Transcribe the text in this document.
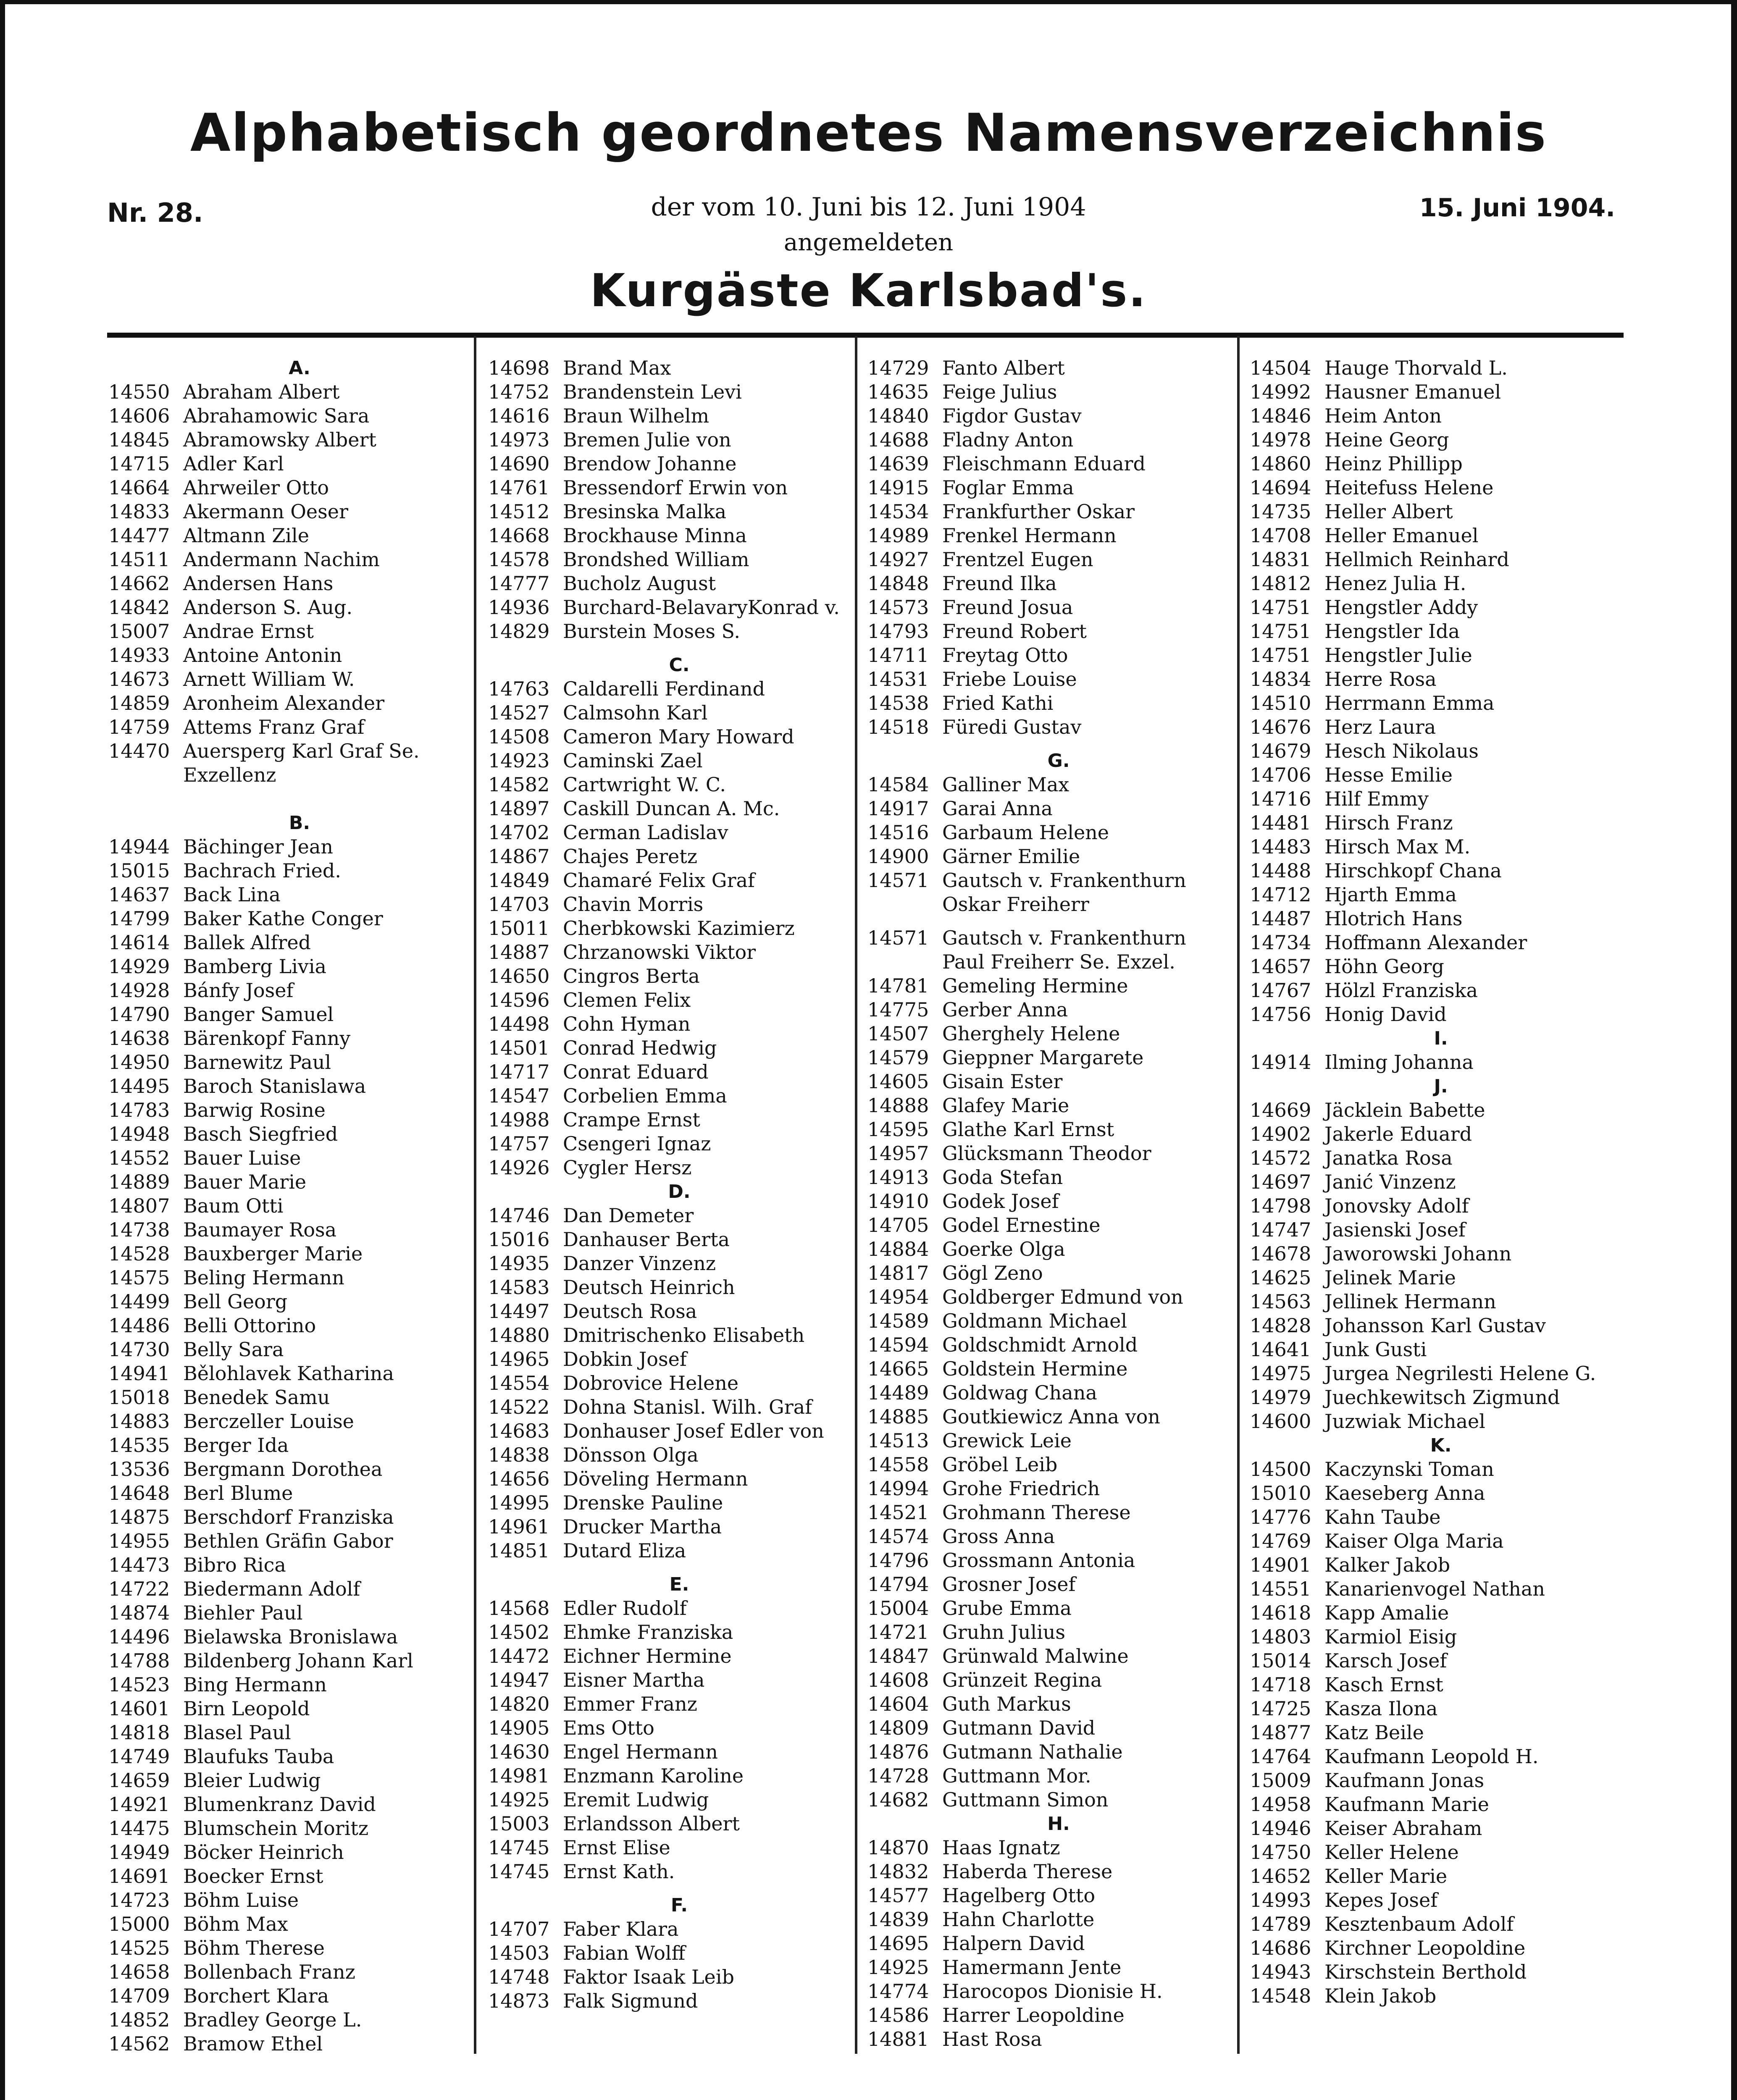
Alphabetisch geordnetes Namensverzeichnis
Nr. 28.	15. Juni 1904.
der vom 10. Juni bis 12. Juni 1904
angemeldeten
Kurgäste Karlsbad's.
A.
14550 Abraham Albert
14606 Abrahamowic Sara
14845 Abramowsky Albert
14715 Adler Karl
14664 Ahrweiler Otto
14833 Akermann Oeser
14477 Altmann Zile
14511 Andermann Nachim
14662 Andersen Hans
14842 Anderson S. Aug.
15007 Andrae Ernst
14933 Antoine Antonin
14673 Arnett William W.
14859 Aronheim Alexander
14759 Attems Franz Graf
14470 Auersperg Karl Graf Se.
Exzellenz
B.
14944 Bächinger Jean
15015 Bachrach Fried.
14637 Back Lina
14799 Baker Kathe Conger
14614 Ballek Alfred
14929 Bamberg Livia
14928 Bánfy Josef
14790 Banger Samuel
14638 Bärenkopf Fanny
14950 Barnewitz Paul
14495 Baroch Stanislawa
14783 Barwig Rosine
14948 Basch Siegfried
14552 Bauer Luise
14889 Bauer Marie
14807 Baum Otti
14738 Baumayer Rosa
14528 Bauxberger Marie
14575 Beling Hermann
14499 Bell Georg
14486 Belli Ottorino
14730 Belly Sara
14941 Bělohlavek Katharina
15018 Benedek Samu
14883 Berczeller Louise
14535 Berger Ida
13536 Bergmann Dorothea
14648 Berl Blume
14875 Berschdorf Franziska
14955 Bethlen Gräfin Gabor
14473 Bibro Rica
14722 Biedermann Adolf
14874 Biehler Paul
14496 Bielawska Bronislawa
14788 Bildenberg Johann Karl
14523 Bing Hermann
14601 Birn Leopold
14818 Blasel Paul
14749 Blaufuks Tauba
14659 Bleier Ludwig
14921 Blumenkranz David
14475 Blumschein Moritz
14949 Böcker Heinrich
14691 Boecker Ernst
14723 Böhm Luise
15000 Böhm Max
14525 Böhm Therese
14658 Bollenbach Franz
14709 Borchert Klara
14852 Bradley George L.
14562 Bramow Ethel
14698 Brand Max
14752 Brandenstein Levi
14616 Braun Wilhelm
14973 Bremen Julie von
14690 Brendow Johanne
14761 Bressendorf Erwin von
14512 Bresinska Malka
14668 Brockhause Minna
14578 Brondshed William
14777 Bucholz August
14936 Burchard-BelavaryKonrad v.
14829 Burstein Moses S.
C.
14763 Caldarelli Ferdinand
14527 Calmsohn Karl
14508 Cameron Mary Howard
14923 Caminski Zael
14582 Cartwright W. C.
14897 Caskill Duncan A. Mc.
14702 Cerman Ladislav
14867 Chajes Peretz
14849 Chamaré Felix Graf
14703 Chavin Morris
15011 Cherbkowski Kazimierz
14887 Chrzanowski Viktor
14650 Cingros Berta
14596 Clemen Felix
14498 Cohn Hyman
14501 Conrad Hedwig
14717 Conrat Eduard
14547 Corbelien Emma
14988 Crampe Ernst
14757 Csengeri Ignaz
14926 Cygler Hersz
D.
14746 Dan Demeter
15016 Danhauser Berta
14935 Danzer Vinzenz
14583 Deutsch Heinrich
14497 Deutsch Rosa
14880 Dmitrischenko Elisabeth
14965 Dobkin Josef
14554 Dobrovice Helene
14522 Dohna Stanisl. Wilh. Graf
14683 Donhauser Josef Edler von
14838 Dönsson Olga
14656 Döveling Hermann
14995 Drenske Pauline
14961 Drucker Martha
14851 Dutard Eliza
E.
14568 Edler Rudolf
14502 Ehmke Franziska
14472 Eichner Hermine
14947 Eisner Martha
14820 Emmer Franz
14905 Ems Otto
14630 Engel Hermann
14981 Enzmann Karoline
14925 Eremit Ludwig
15003 Erlandsson Albert
14745 Ernst Elise
14745 Ernst Kath.
F.
14707 Faber Klara
14503 Fabian Wolff
14748 Faktor Isaak Leib
14873 Falk Sigmund
14729 Fanto Albert
14635 Feige Julius
14840 Figdor Gustav
14688 Fladny Anton
14639 Fleischmann Eduard
14915 Foglar Emma
14534 Frankfurther Oskar
14989 Frenkel Hermann
14927 Frentzel Eugen
14848 Freund Ilka
14573 Freund Josua
14793 Freund Robert
14711 Freytag Otto
14531 Friebe Louise
14538 Fried Kathi
14518 Füredi Gustav
G.
14584 Galliner Max
14917 Garai Anna
14516 Garbaum Helene
14900 Gärner Emilie
14571 Gautsch v. Frankenthurn
Oskar Freiherr
14571 Gautsch v. Frankenthurn
Paul Freiherr Se. Exzel.
14781 Gemeling Hermine
14775 Gerber Anna
14507 Gherghely Helene
14579 Gieppner Margarete
14605 Gisain Ester
14888 Glafey Marie
14595 Glathe Karl Ernst
14957 Glücksmann Theodor
14913 Goda Stefan
14910 Godek Josef
14705 Godel Ernestine
14884 Goerke Olga
14817 Gögl Zeno
14954 Goldberger Edmund von
14589 Goldmann Michael
14594 Goldschmidt Arnold
14665 Goldstein Hermine
14489 Goldwag Chana
14885 Goutkiewicz Anna von
14513 Grewick Leie
14558 Gröbel Leib
14994 Grohe Friedrich
14521 Grohmann Therese
14574 Gross Anna
14796 Grossmann Antonia
14794 Grosner Josef
15004 Grube Emma
14721 Gruhn Julius
14847 Grünwald Malwine
14608 Grünzeit Regina
14604 Guth Markus
14809 Gutmann David
14876 Gutmann Nathalie
14728 Guttmann Mor.
14682 Guttmann Simon
H.
14870 Haas Ignatz
14832 Haberda Therese
14577 Hagelberg Otto
14839 Hahn Charlotte
14695 Halpern David
14925 Hamermann Jente
14774 Harocopos Dionisie H.
14586 Harrer Leopoldine
14881 Hast Rosa
14504 Hauge Thorvald L.
14992 Hausner Emanuel
14846 Heim Anton
14978 Heine Georg
14860 Heinz Phillipp
14694 Heitefuss Helene
14735 Heller Albert
14708 Heller Emanuel
14831 Hellmich Reinhard
14812 Henez Julia H.
14751 Hengstler Addy
14751 Hengstler Ida
14751 Hengstler Julie
14834 Herre Rosa
14510 Herrmann Emma
14676 Herz Laura
14679 Hesch Nikolaus
14706 Hesse Emilie
14716 Hilf Emmy
14481 Hirsch Franz
14483 Hirsch Max M.
14488 Hirschkopf Chana
14712 Hjarth Emma
14487 Hlotrich Hans
14734 Hoffmann Alexander
14657 Höhn Georg
14767 Hölzl Franziska
14756 Honig David
I.
14914 Ilming Johanna
J.
14669 Jäcklein Babette
14902 Jakerle Eduard
14572 Janatka Rosa
14697 Janić Vinzenz
14798 Jonovsky Adolf
14747 Jasienski Josef
14678 Jaworowski Johann
14625 Jelinek Marie
14563 Jellinek Hermann
14828 Johansson Karl Gustav
14641 Junk Gusti
14975 Jurgea Negrilesti Helene G.
14979 Juechkewitsch Zigmund
14600 Juzwiak Michael
K.
14500 Kaczynski Toman
15010 Kaeseberg Anna
14776 Kahn Taube
14769 Kaiser Olga Maria
14901 Kalker Jakob
14551 Kanarienvogel Nathan
14618 Kapp Amalie
14803 Karmiol Eisig
15014 Karsch Josef
14718 Kasch Ernst
14725 Kasza Ilona
14877 Katz Beile
14764 Kaufmann Leopold H.
15009 Kaufmann Jonas
14958 Kaufmann Marie
14946 Keiser Abraham
14750 Keller Helene
14652 Keller Marie
14993 Kepes Josef
14789 Kesztenbaum Adolf
14686 Kirchner Leopoldine
14943 Kirschstein Berthold
14548 Klein Jakob
